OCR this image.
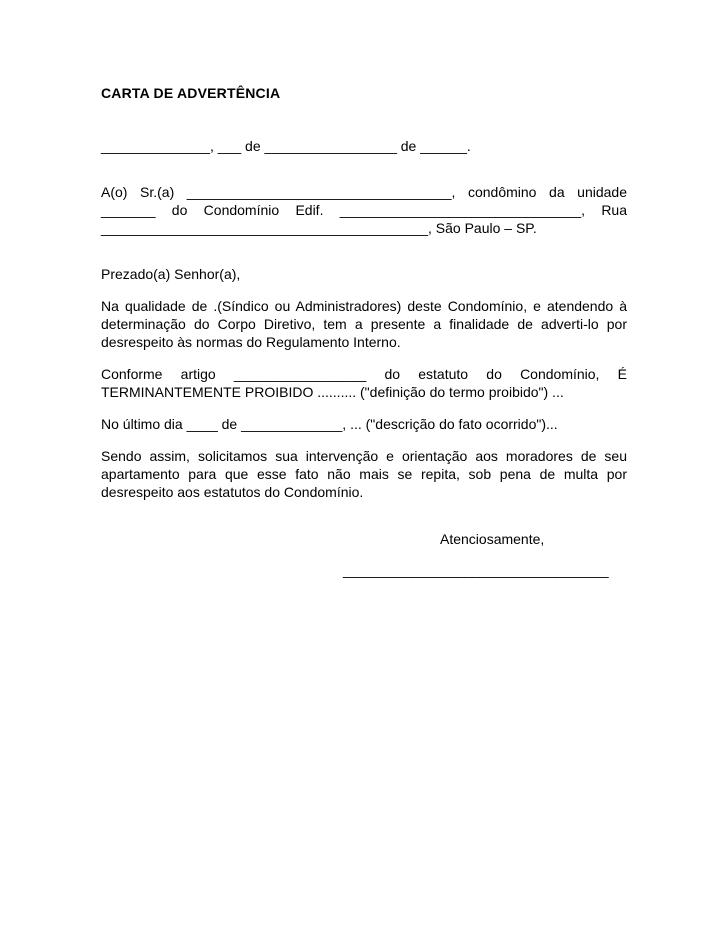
CARTA DE ADVERTÊNCIA
______________, ___ de _________________ de ______.
A(o) Sr.(a) __________________________________, condômino da unidade
_______ do Condomínio Edif. _______________________________, Rua
__________________________________________, São Paulo – SP.
Prezado(a) Senhor(a),
Na qualidade de .(Síndico ou Administradores) deste Condomínio, e atendendo à
determinação do Corpo Diretivo, tem a presente a finalidade de adverti-lo por
desrespeito às normas do Regulamento Interno.
Conforme artigo _________________ do estatuto do Condomínio, É
TERMINANTEMENTE PROIBIDO .......... ("definição do termo proibido") ...
No último dia ____ de _____________, ... ("descrição do fato ocorrido")...
Sendo assim, solicitamos sua intervenção e orientação aos moradores de seu
apartamento para que esse fato não mais se repita, sob pena de multa por
desrespeito aos estatutos do Condomínio.
Atenciosamente,
___________________________________
